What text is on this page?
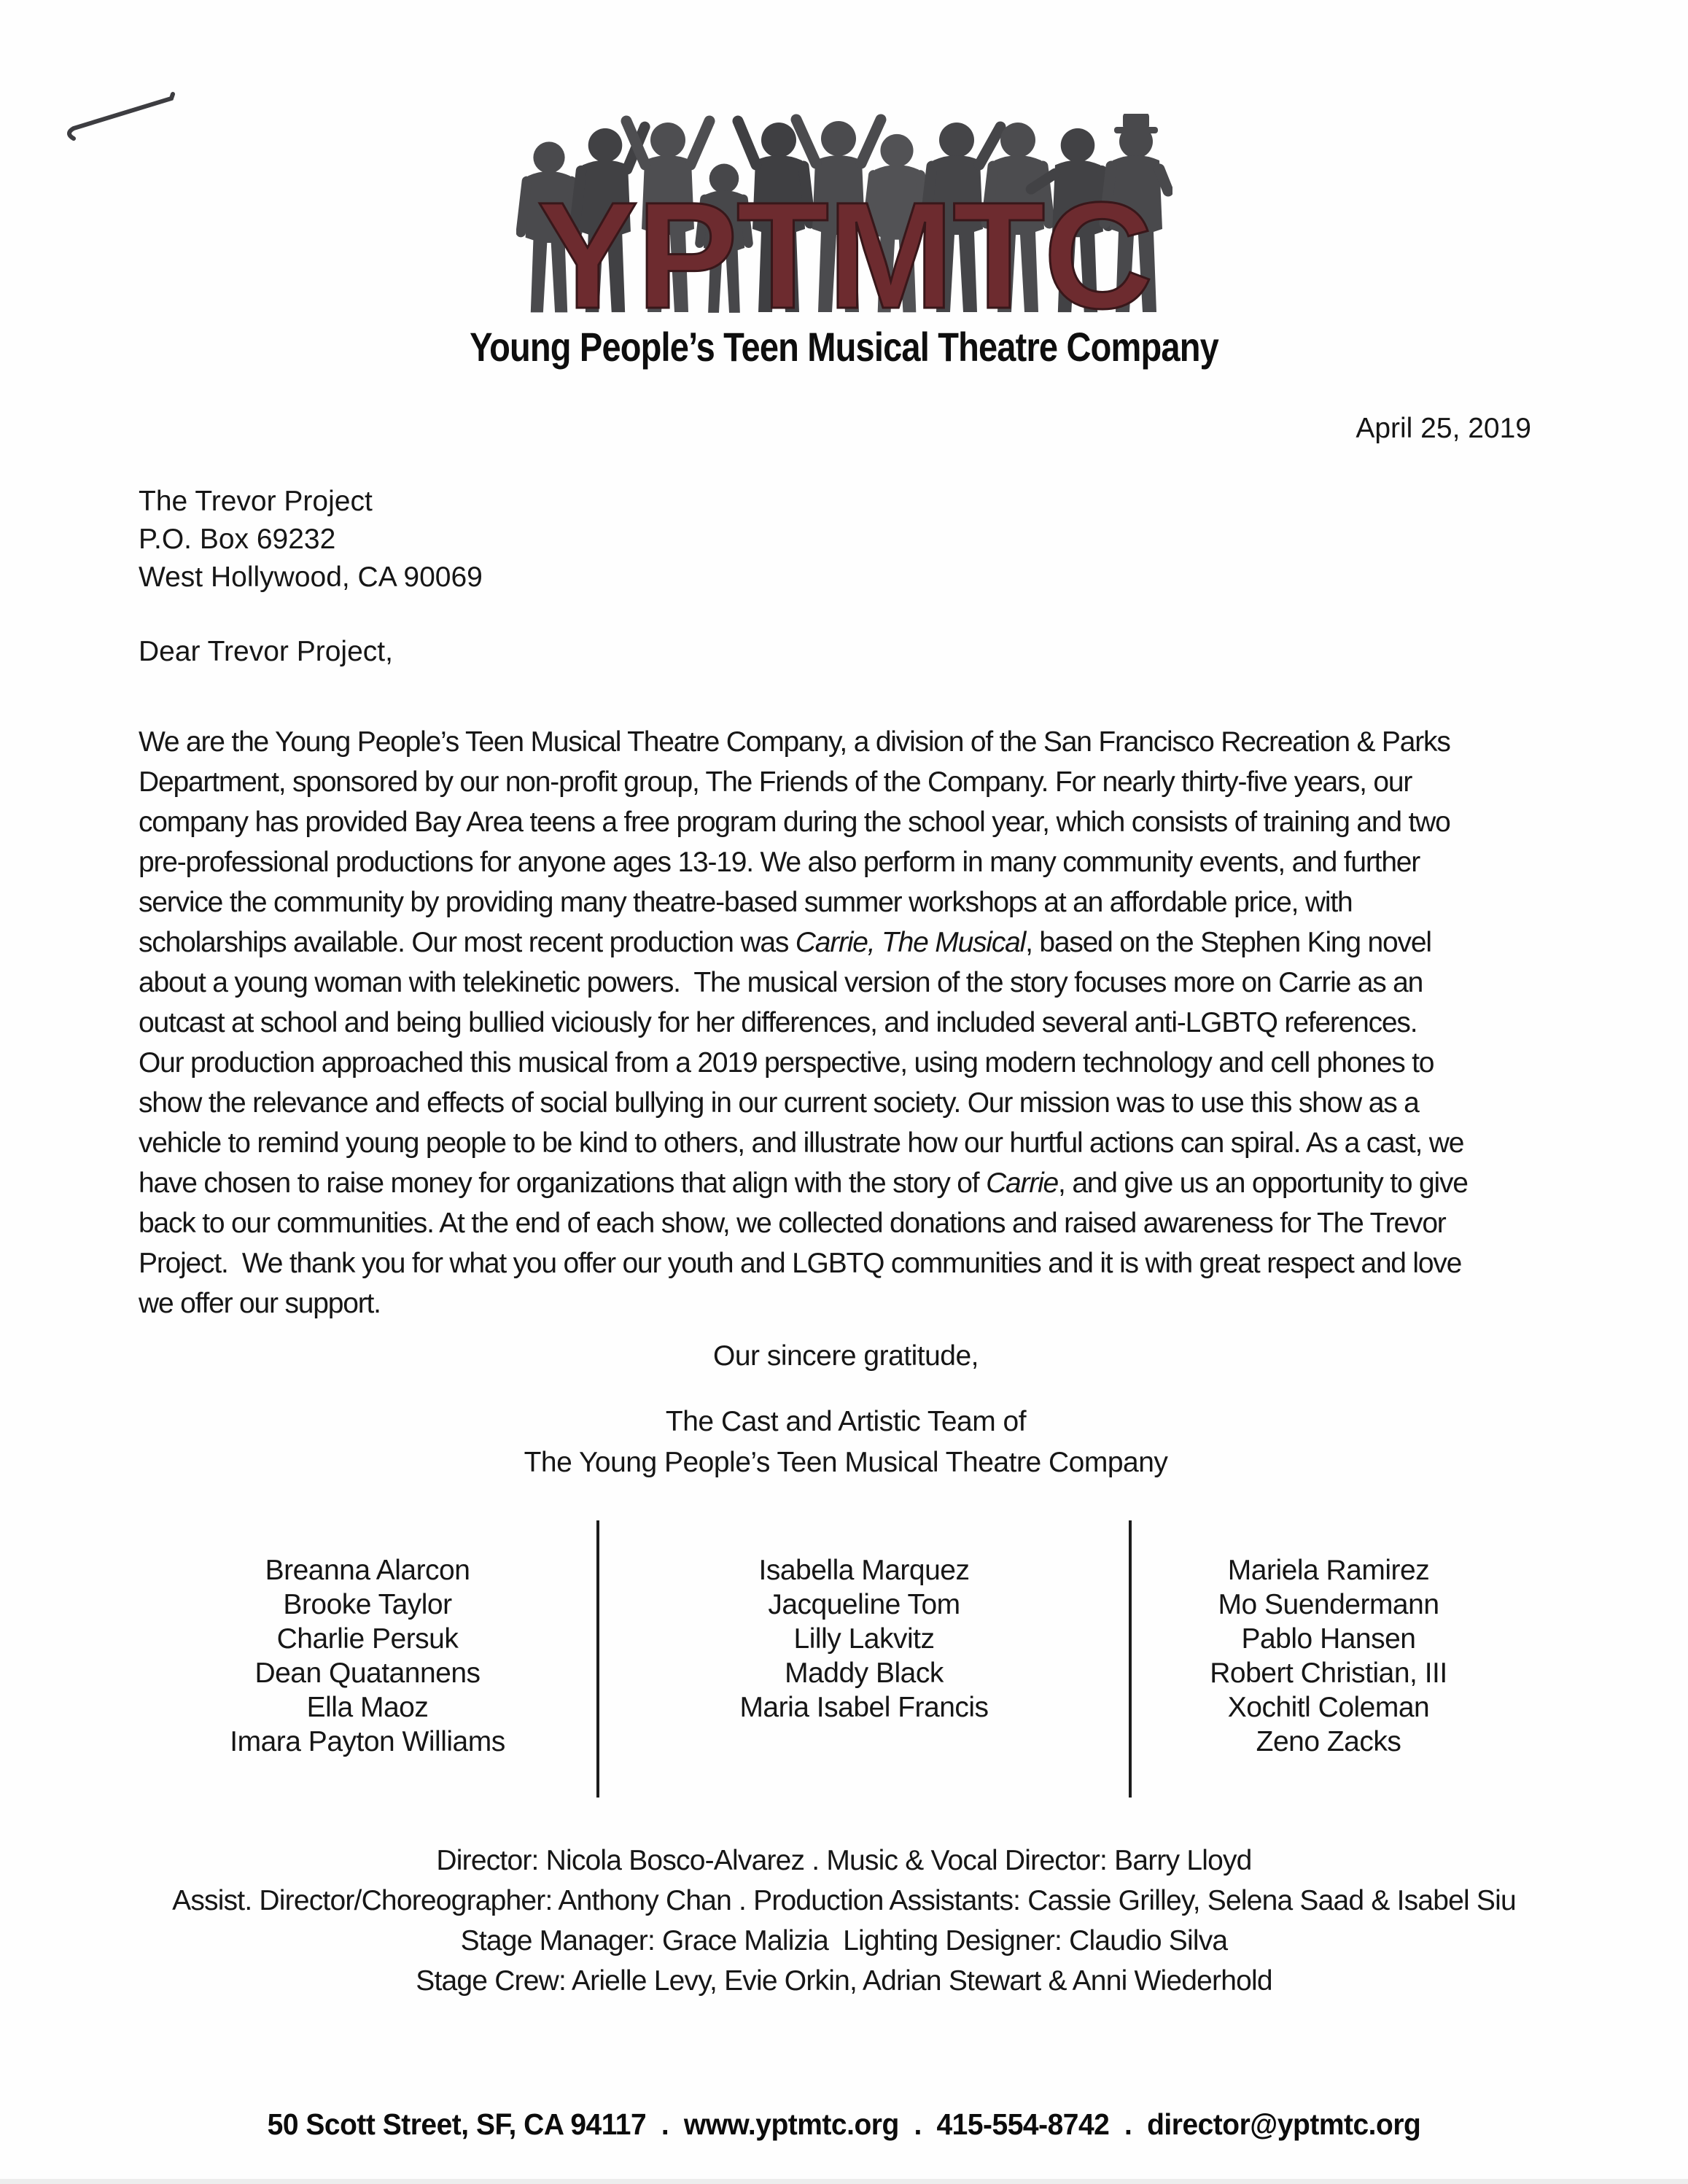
YPTMTC
Young People’s Teen Musical Theatre Company
April 25, 2019
The Trevor Project
P.O. Box 69232
West Hollywood, CA 90069
Dear Trevor Project,
We are the Young People’s Teen Musical Theatre Company, a division of the San Francisco Recreation & Parks
Department, sponsored by our non-profit group, The Friends of the Company. For nearly thirty-five years, our
company has provided Bay Area teens a free program during the school year, which consists of training and two
pre-professional productions for anyone ages 13-19. We also perform in many community events, and further
service the community by providing many theatre-based summer workshops at an affordable price, with
scholarships available. Our most recent production was Carrie, The Musical, based on the Stephen King novel
about a young woman with telekinetic powers.  The musical version of the story focuses more on Carrie as an
outcast at school and being bullied viciously for her differences, and included several anti-LGBTQ references.
Our production approached this musical from a 2019 perspective, using modern technology and cell phones to
show the relevance and effects of social bullying in our current society. Our mission was to use this show as a
vehicle to remind young people to be kind to others, and illustrate how our hurtful actions can spiral. As a cast, we
have chosen to raise money for organizations that align with the story of Carrie, and give us an opportunity to give
back to our communities. At the end of each show, we collected donations and raised awareness for The Trevor
Project.  We thank you for what you offer our youth and LGBTQ communities and it is with great respect and love
we offer our support.
Our sincere gratitude,
The Cast and Artistic Team of
The Young People’s Teen Musical Theatre Company
Breanna Alarcon
Brooke Taylor
Charlie Persuk
Dean Quatannens
Ella Maoz
Imara Payton Williams
Isabella Marquez
Jacqueline Tom
Lilly Lakvitz
Maddy Black
Maria Isabel Francis
Mariela Ramirez
Mo Suendermann
Pablo Hansen
Robert Christian, III
Xochitl Coleman
Zeno Zacks
Director: Nicola Bosco-Alvarez . Music & Vocal Director: Barry Lloyd
Assist. Director/Choreographer: Anthony Chan . Production Assistants: Cassie Grilley, Selena Saad & Isabel Siu
Stage Manager: Grace Malizia  Lighting Designer: Claudio Silva
Stage Crew: Arielle Levy, Evie Orkin, Adrian Stewart & Anni Wiederhold
50 Scott Street, SF, CA 94117  .  www.yptmtc.org  .  415-554-8742  .  director@yptmtc.org
